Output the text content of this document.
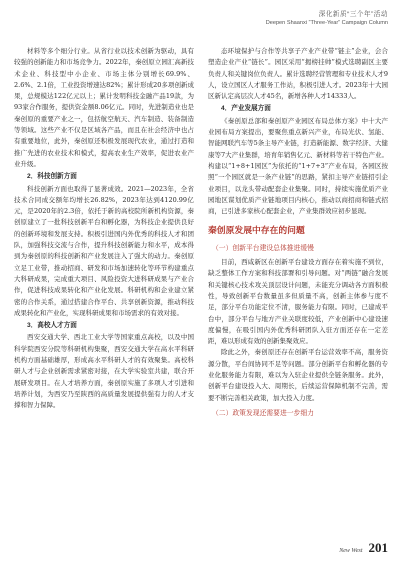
深化新质“三个年”活动
Deepen Shaanxi “Three-Year” Campaign Column

材料等多个细分行业。从省行业以技术创新为驱动，具有较强的创新能力和市场竞争力。2022年，秦创原立园汇高新技术企业、科技型中小企业、市场主体分别增长69.9%、2.6%、2.1倍，工业投资增速达82%；累计形成20多项创新成果，总规模达122亿元以上；累计发明科技金融产品19款，为93家合作服务，提供资金额8.06亿元。同时，先进制造业也是秦创原的重要产业之一，包括航空航天、汽车制造、装备制造等领域。这些产业不仅是区域各产品，而且在社会经济中也占有重要地位，此外，秦创原还积极发展现代农业，通过打造和推广先进的农业技术和模式，提高农业生产效率，促进农业产业升级。

2．科技创新方面

科技创新方面也取得了显著成效。2021—2023年，全省技术合同成交额年均增长26.82%，2023年达到4120.99亿元，是2020年的2.3倍，依托于新的高校院所新机构资源，秦创原建立了一批科技创新平台和孵化器，为科技企业提供良好的创新环境和发展支持。积极引进国内外优秀的科技人才和团队，加强科技交流与合作，提升科技创新能力和水平，成本得到为秦创原的科技创新和产业发展注入了强大的动力。秦创原立足工业带，推动招商、研发和市场加速转化等环节构建重点大科研成果，完成重大项目、风险投资大进科研成果与产业合作，促进科技成果转化和产业化发展。科研机构和企业建立紧密的合作关系，通过搭建合作平台、共享创新资源，推动科技成果转化和产业化，实现科研成果和市场需求的有效对接。

3．高校人才方面

西安交通大学、西北工业大学等国家重点高校，以及中国科学院西安分院等科研机构集聚，西安交通大学在高水平科研机构方面基础雄厚，形成高水平科研人才的有效聚集。高校科研人才与企业创新需求紧密对接，在大学实验室共建，联合开展研发项目。在人才培养方面，秦创原实施了多项人才引进和培养计划，为西安乃至陕西的高质量发展提供强有力的人才支撑和智力保障。

态环境保护与合作等共享子产业产业带“链主”企业，会合塑造企业产业“链长”。园区采用“揭榜挂帅”模式选聘副区主要负责人和关键岗位负责人。累计选聘经营管理和专业技术人才9人，设立国区人才服务工作站，积极引进人才。2023年十大园区新认定高层次人才45名，新增各种人才14333人。

4．产业发展方面

《秦创原总部和秦创原产业园区布局总体方案》中十大产业园布局方案提出，要聚焦重点新兴产业，布局光伏、氢能、智能网联汽车等5条主导产业链，打造新能源、数字经济、大健康等7大产业集群，培育年销售亿元、新材料等若干特色产业。构建以“1+8+1园区”为依托的“1+7+3”产业布局，各园区按照“一个园区就是一条产业链”的思路，紧扣主导产业链招引企业项目，以龙头带动配套企业集聚。同时，持续实施优质产业园地区谋划优质产业链地项目内核心，推动以商招商和链式招商，已引进多家核心配套企业，产业集群效应初步显现。

秦创原发展中存在的问题
（一）创新平台建设总体推进缓慢

目前，西咸新区在创新平台建设方面存在着实施不到位，缺乏整体工作方案和科技部署和引导问题。对“两链”融合发展和关键核心技术攻关顶层设计问题，未能充分调动各方面积极性，导致创新平台数量虽多但质量不高，创新主体参与度不足，部分平台功能定位不清，服务能力有限。同时，已建成平台中，部分平台与地方产业关联度较低，产业创新中心建设速度偏慢，在吸引国内外优秀科研团队入驻方面还存在一定差距，难以形成有效的创新集聚效应。

除此之外，秦创原还存在创新平台运营效率不高，服务资源分散，平台间协同不足等问题。部分创新平台和孵化器的专业化服务能力有限，难以为入驻企业提供全链条服务。此外，创新平台建设投入大、周期长，后续运营保障机制不完善，需要不断完善相关政策，加大投入力度。

（二）政策发现还需要进一步细力
New West 201
